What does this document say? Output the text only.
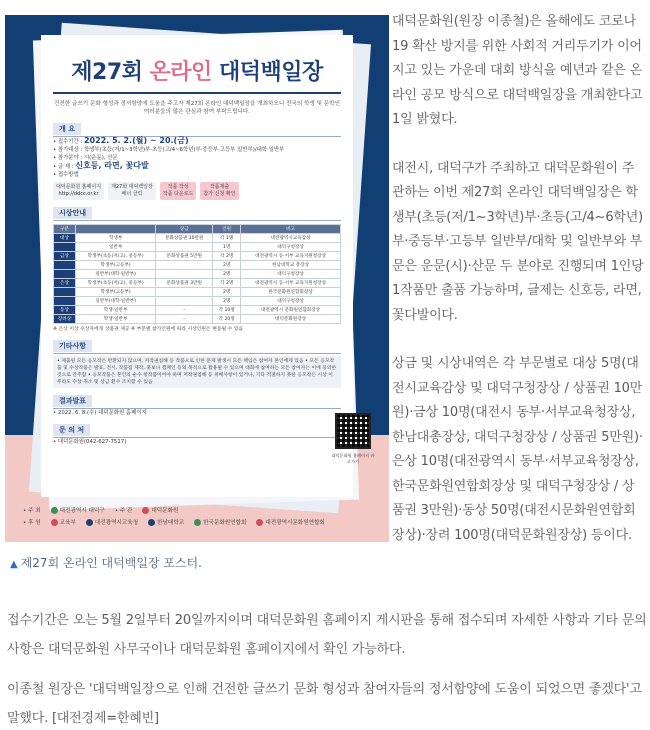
제27회 온라인 대덕백일장
건전한 글쓰기 문화 형성과 정서함양에 도움을 주고자 제27회 온라인 대덕백일장을 개최하오니 전국의 학생 및 문학인 여러분들의 많은 관심과 참여 부탁드립니다.
개 요
• 접수기간 : 2022. 5. 2.(월) ~ 20.(금)
• 참가대상 : 학생부(초등(저/1~3학년)부·초등(고/4~6학년)부·중등부·고등부 일반부)/대학·일반부
• 참가분야 : 시(운문), 산문
• 글 제 : 신호등, 라면, 꽃다발
• 접수방법
대덕문화원 홈페이지
http://ddcc.or.kr
제27회 대덕백일장
배너 클릭
작품 작성
작품 다운로드
작품제출
참가 신청 확인
시상안내
구분		상금	인원	비고
대상	학생부	문화상품권 10만원	각 1명	대전광역시교육감상
	일반부		1명	대덕구청장상
금상	학생부(초등(저/고), 중등부)	문화상품권 5만원	각 2명	대전광역시 동·서부 교육지원청장상
	학생부(고등부)		2명	한남대학교 총장상
	일반부(대학·일반부)		2명	대덕구청장상
은상	학생부(초등(저/고), 중등부)	문화상품권 3만원	각 2명	대전광역시 동·서부 교육지원청장상
	학생부(고등부)		2명	한국문화원연합회장상
	일반부(대학·일반부)		2명	대덕구청장상
동상	학생·일반부	-	각 10명	대전광역시 문화원연합회장상
장려상	학생·일반부	-	각 20명	대덕문화원장상
※ 은상 이상 수상자에게 상품권 제공 ※ 부문별 참가인원에 따라 시상인원은 변동될 수 있음
기타사항
• 제출된 모든 응모작은 반환되지 않으며, 저작권침해 등 작품으로 인한 문제 발생시 모든 책임은 참여자 본인에게 있음 • 모든 응모작품 및 수상작품은 발표, 전시, 작품집 제작, 홍보나 캠페인 등의 목적으로 활용될 수 있으며 대회에 참여하는 모든 참여자는 이에 동의한 것으로 간주함 • 응모작품은 본인의 순수 창작품이어야 하며 저작권침해 등 위배사항이 있거나, 기타 적절하지 못한 응모작은 시상 이후라도 수상 취소 및 상금 환수 조치할 수 있음
결과발표
• 2022. 6. 8.(수) 대덕문화원 홈페이지
문 의 처
• 대덕문화원(042-627-7517)
대덕문화원 홈페이지 바로가기
• 주 최	대전광역시 대덕구 • 주 관	대덕문화원
• 후 원	교육부	대전광역시교육청	한남대학교	한국문화원연합회	대전광역시문화원연합회
▲ 제27회 온라인 대덕백일장 포스터.

대덕문화원(원장 이종철)은 올해에도 코로나 19 확산 방지를 위한 사회적 거리두기가 이어지고 있는 가운데 대회 방식을 예년과 같은 온라인 공모 방식으로 대덕백일장을 개최한다고 1일 밝혔다.

대전시, 대덕구가 주최하고 대덕문화원이 주관하는 이번 제27회 온라인 대덕백일장은 학생부(초등(저/1~3학년)부·초등(고/4~6학년)부·중등부·고등부 일반부/대학 및 일반부와 부문은 운문(시)·산문 두 분야로 진행되며 1인당 1작품만 출품 가능하며, 글제는 신호등, 라면, 꽃다발이다.

상금 및 시상내역은 각 부문별로 대상 5명(대전시교육감상 및 대덕구청장상 / 상품권 10만원)·금상 10명(대전시 동부·서부교육청장상, 한남대총장상, 대덕구청장상 / 상품권 5만원)·은상 10명(대전광역시 동부·서부교육청장상, 한국문화원연합회장상 및 대덕구청장상 / 상품권 3만원)·동상 50명(대전시문화원연합회장상)·장려 100명(대덕문화원장상) 등이다.

접수기간은 오는 5월 2일부터 20일까지이며 대덕문화원 홈페이지 게시판을 통해 접수되며 자세한 사항과 기타 문의사항은 대덕문화원 사무국이나 대덕문화원 홈페이지에서 확인 가능하다.
이종철 원장은 '대덕백일장으로 인해 건전한 글쓰기 문화 형성과 참여자들의 정서함양에 도움이 되었으면 좋겠다'고 말했다. [대전경제=한혜빈]
